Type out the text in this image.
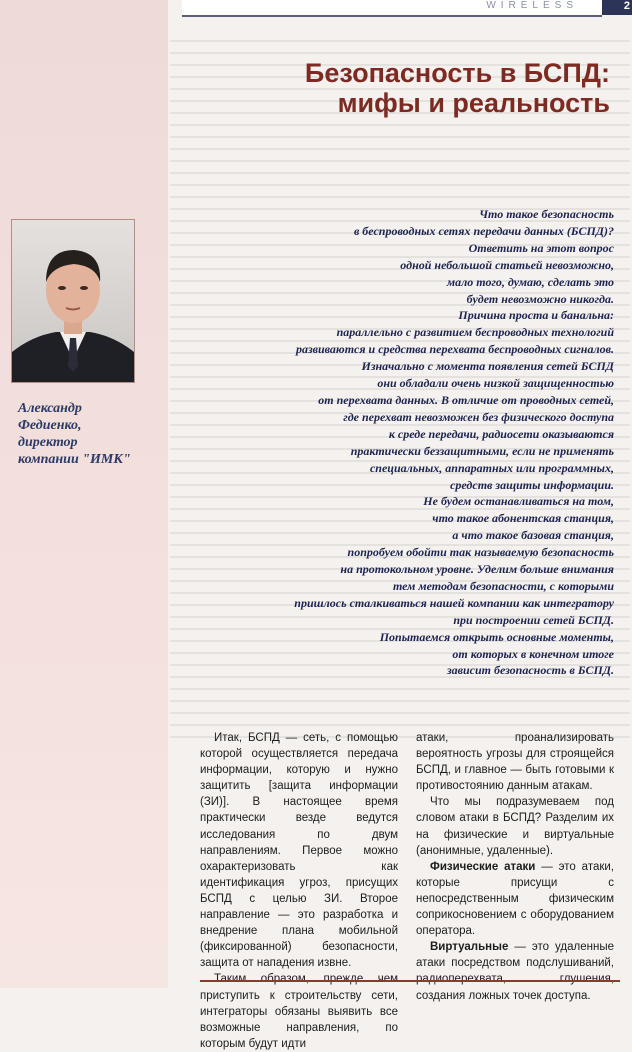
WIRELESS	2
Безопасность в БСПД:
мифы и реальность
Александр
Федиенко,
директор
компании "ИМК"
Что такое безопасность
в беспроводных сетях передачи данных (БСПД)?
Ответить на этот вопрос
одной небольшой статьей невозможно,
мало того, думаю, сделать это
будет невозможно никогда.
Причина проста и банальна:
параллельно с развитием беспроводных технологий
развиваются и средства перехвата беспроводных сигналов.
Изначально с момента появления сетей БСПД
они обладали очень низкой защищенностью
от перехвата данных. В отличие от проводных сетей,
где перехват невозможен без физического доступа
к среде передачи, радиосети оказываются
практически беззащитными, если не применять
специальных, аппаратных или программных,
средств защиты информации.
Не будем останавливаться на том,
что такое абонентская станция,
а что такое базовая станция,
попробуем обойти так называемую безопасность
на протокольном уровне. Уделим больше внимания
тем методам безопасности, с которыми
пришлось сталкиваться нашей компании как интегратору
при построении сетей БСПД.
Попытаемся открыть основные моменты,
от которых в конечном итоге
зависит безопасность в БСПД.

Итак, БСПД — сеть, с помощью которой осуществляется передача информации, которую и нужно защитить [защита информации (ЗИ)]. В настоящее время практически везде ведутся исследования по двум направлениям. Первое можно охарактеризовать как идентификация угроз, присущих БСПД с целью ЗИ. Второе направление — это разработка и внедрение плана мобильной (фиксированной) безопасности, защита от нападения извне.

приступить к строительству сети, интеграторы обязаны выявить все возможные направления, по которым будут идти

атаки, проанализировать вероятность угрозы для строящейся БСПД, и главное — быть готовыми к противостоянию данным атакам.

Что мы подразумеваем под словом атаки в БСПД? Разделим их на физические и виртуальные (анонимные, удаленные).

Физические атаки — это атаки, которые присущи с непосредственным физическим соприкосновением с оборудованием оператора.

Виртуальные — это удаленные атаки посредством подслушиваний, создания ложных точек доступа.
